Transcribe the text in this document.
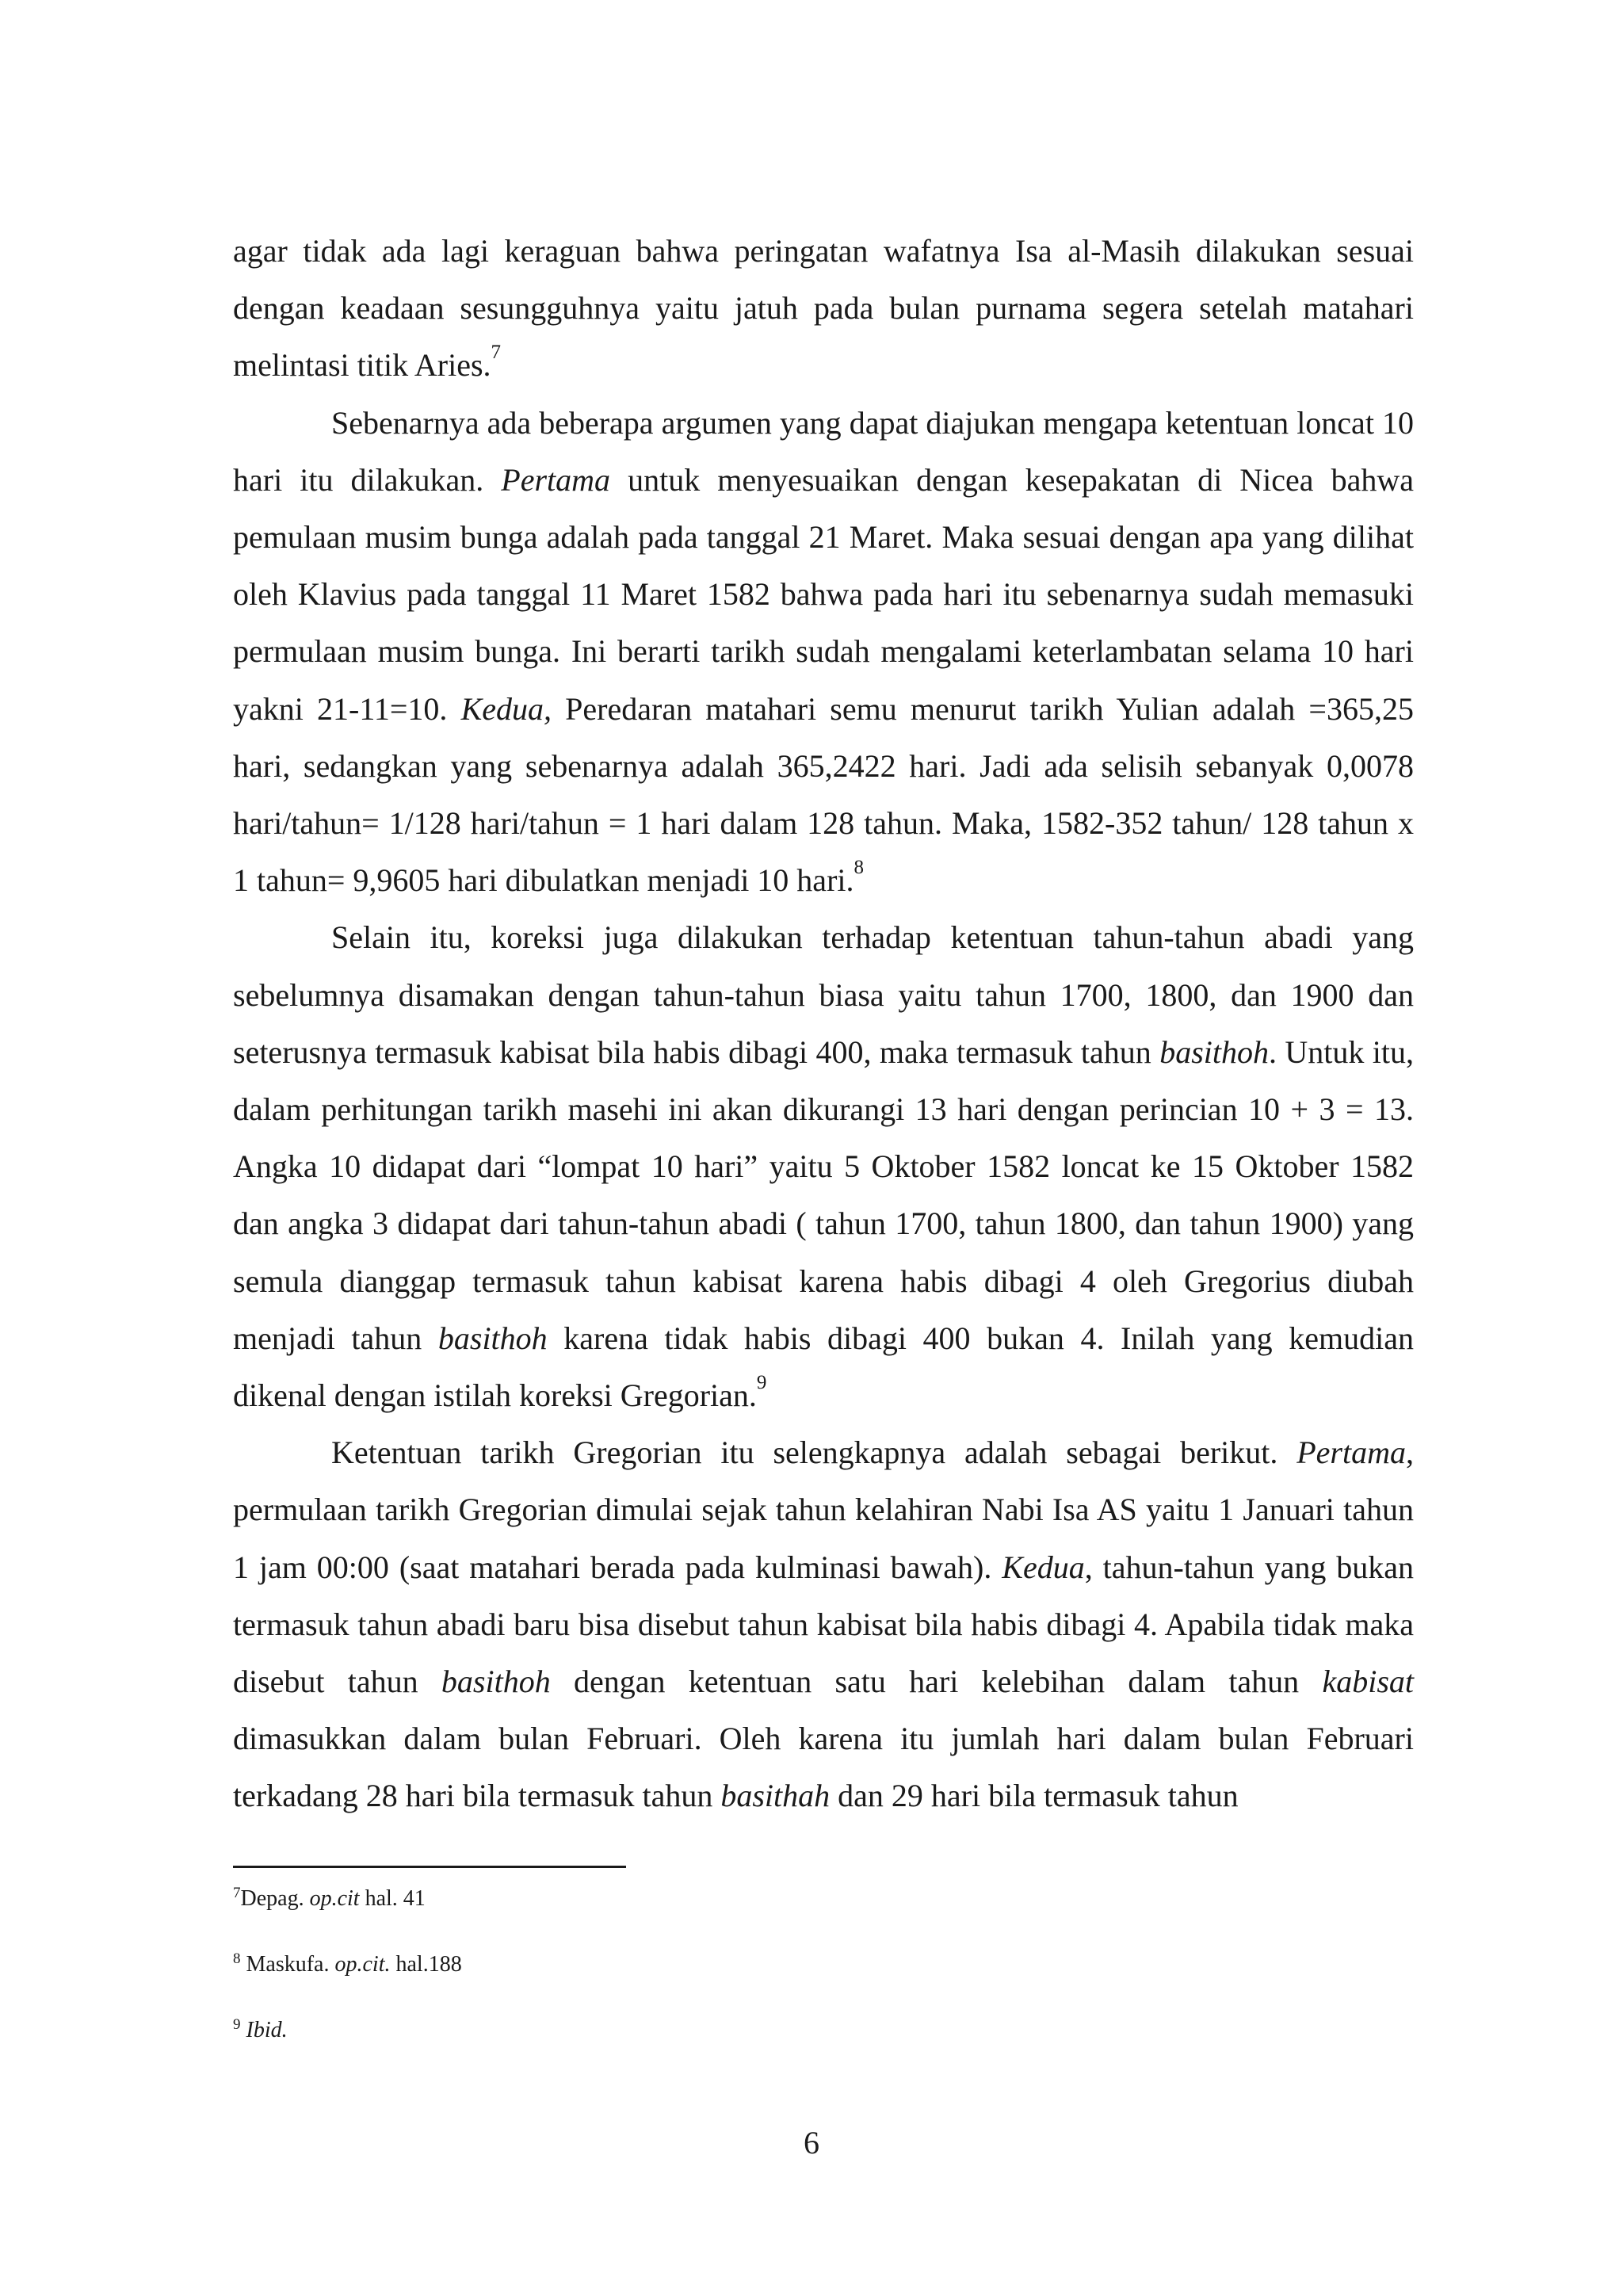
agar tidak ada lagi keraguan bahwa peringatan wafatnya Isa al-Masih dilakukan sesuai dengan keadaan sesungguhnya yaitu jatuh pada bulan purnama segera setelah matahari melintasi titik Aries.$^7$

Sebenarnya ada beberapa argumen yang dapat diajukan mengapa ketentuan loncat 10 hari itu dilakukan. Pertama untuk menyesuaikan dengan kesepakatan di Nicea bahwa pemulaan musim bunga adalah pada tanggal 21 Maret. Maka sesuai dengan apa yang dilihat oleh Klavius pada tanggal 11 Maret 1582 bahwa pada hari itu sebenarnya sudah memasuki permulaan musim bunga. Ini berarti tarikh sudah mengalami keterlambatan selama 10 hari yakni 21-11=10. Kedua, Peredaran matahari semu menurut tarikh Yulian adalah =365,25 hari, sedangkan yang sebenarnya adalah 365,2422 hari. Jadi ada selisih sebanyak 0,0078 hari/tahun= 1/128 hari/tahun = 1 hari dalam 128 tahun. Maka, 1582-352 tahun/ 128 tahun x 1 tahun= 9,9605 hari dibulatkan menjadi 10 hari.$^8$

Selain itu, koreksi juga dilakukan terhadap ketentuan tahun-tahun abadi yang sebelumnya disamakan dengan tahun-tahun biasa yaitu tahun 1700, 1800, dan 1900 dan seterusnya termasuk kabisat bila habis dibagi 400, maka termasuk tahun basithoh. Untuk itu, dalam perhitungan tarikh masehi ini akan dikurangi 13 hari dengan perincian 10 + 3 = 13. Angka 10 didapat dari “lompat 10 hari” yaitu 5 Oktober 1582 loncat ke 15 Oktober 1582 dan angka 3 didapat dari tahun-tahun abadi ( tahun 1700, tahun 1800, dan tahun 1900) yang semula dianggap termasuk tahun kabisat karena habis dibagi 4 oleh Gregorius diubah menjadi tahun basithoh karena tidak habis dibagi 400 bukan 4. Inilah yang kemudian dikenal dengan istilah koreksi Gregorian.$^9$

Ketentuan tarikh Gregorian itu selengkapnya adalah sebagai berikut. Pertama, permulaan tarikh Gregorian dimulai sejak tahun kelahiran Nabi Isa AS yaitu 1 Januari tahun 1 jam 00:00 (saat matahari berada pada kulminasi bawah). Kedua, tahun-tahun yang bukan termasuk tahun abadi baru bisa disebut tahun kabisat bila habis dibagi 4. Apabila tidak maka disebut tahun basithoh dengan ketentuan satu hari kelebihan dalam tahun kabisat dimasukkan dalam bulan Februari. Oleh karena itu jumlah hari dalam bulan Februari terkadang 28 hari bila termasuk tahun basithah dan 29 hari bila termasuk tahun

$^7$Depag. op.cit hal. 41
$^8$ Maskufa. op.cit. hal.188
$^9$ Ibid.
6
